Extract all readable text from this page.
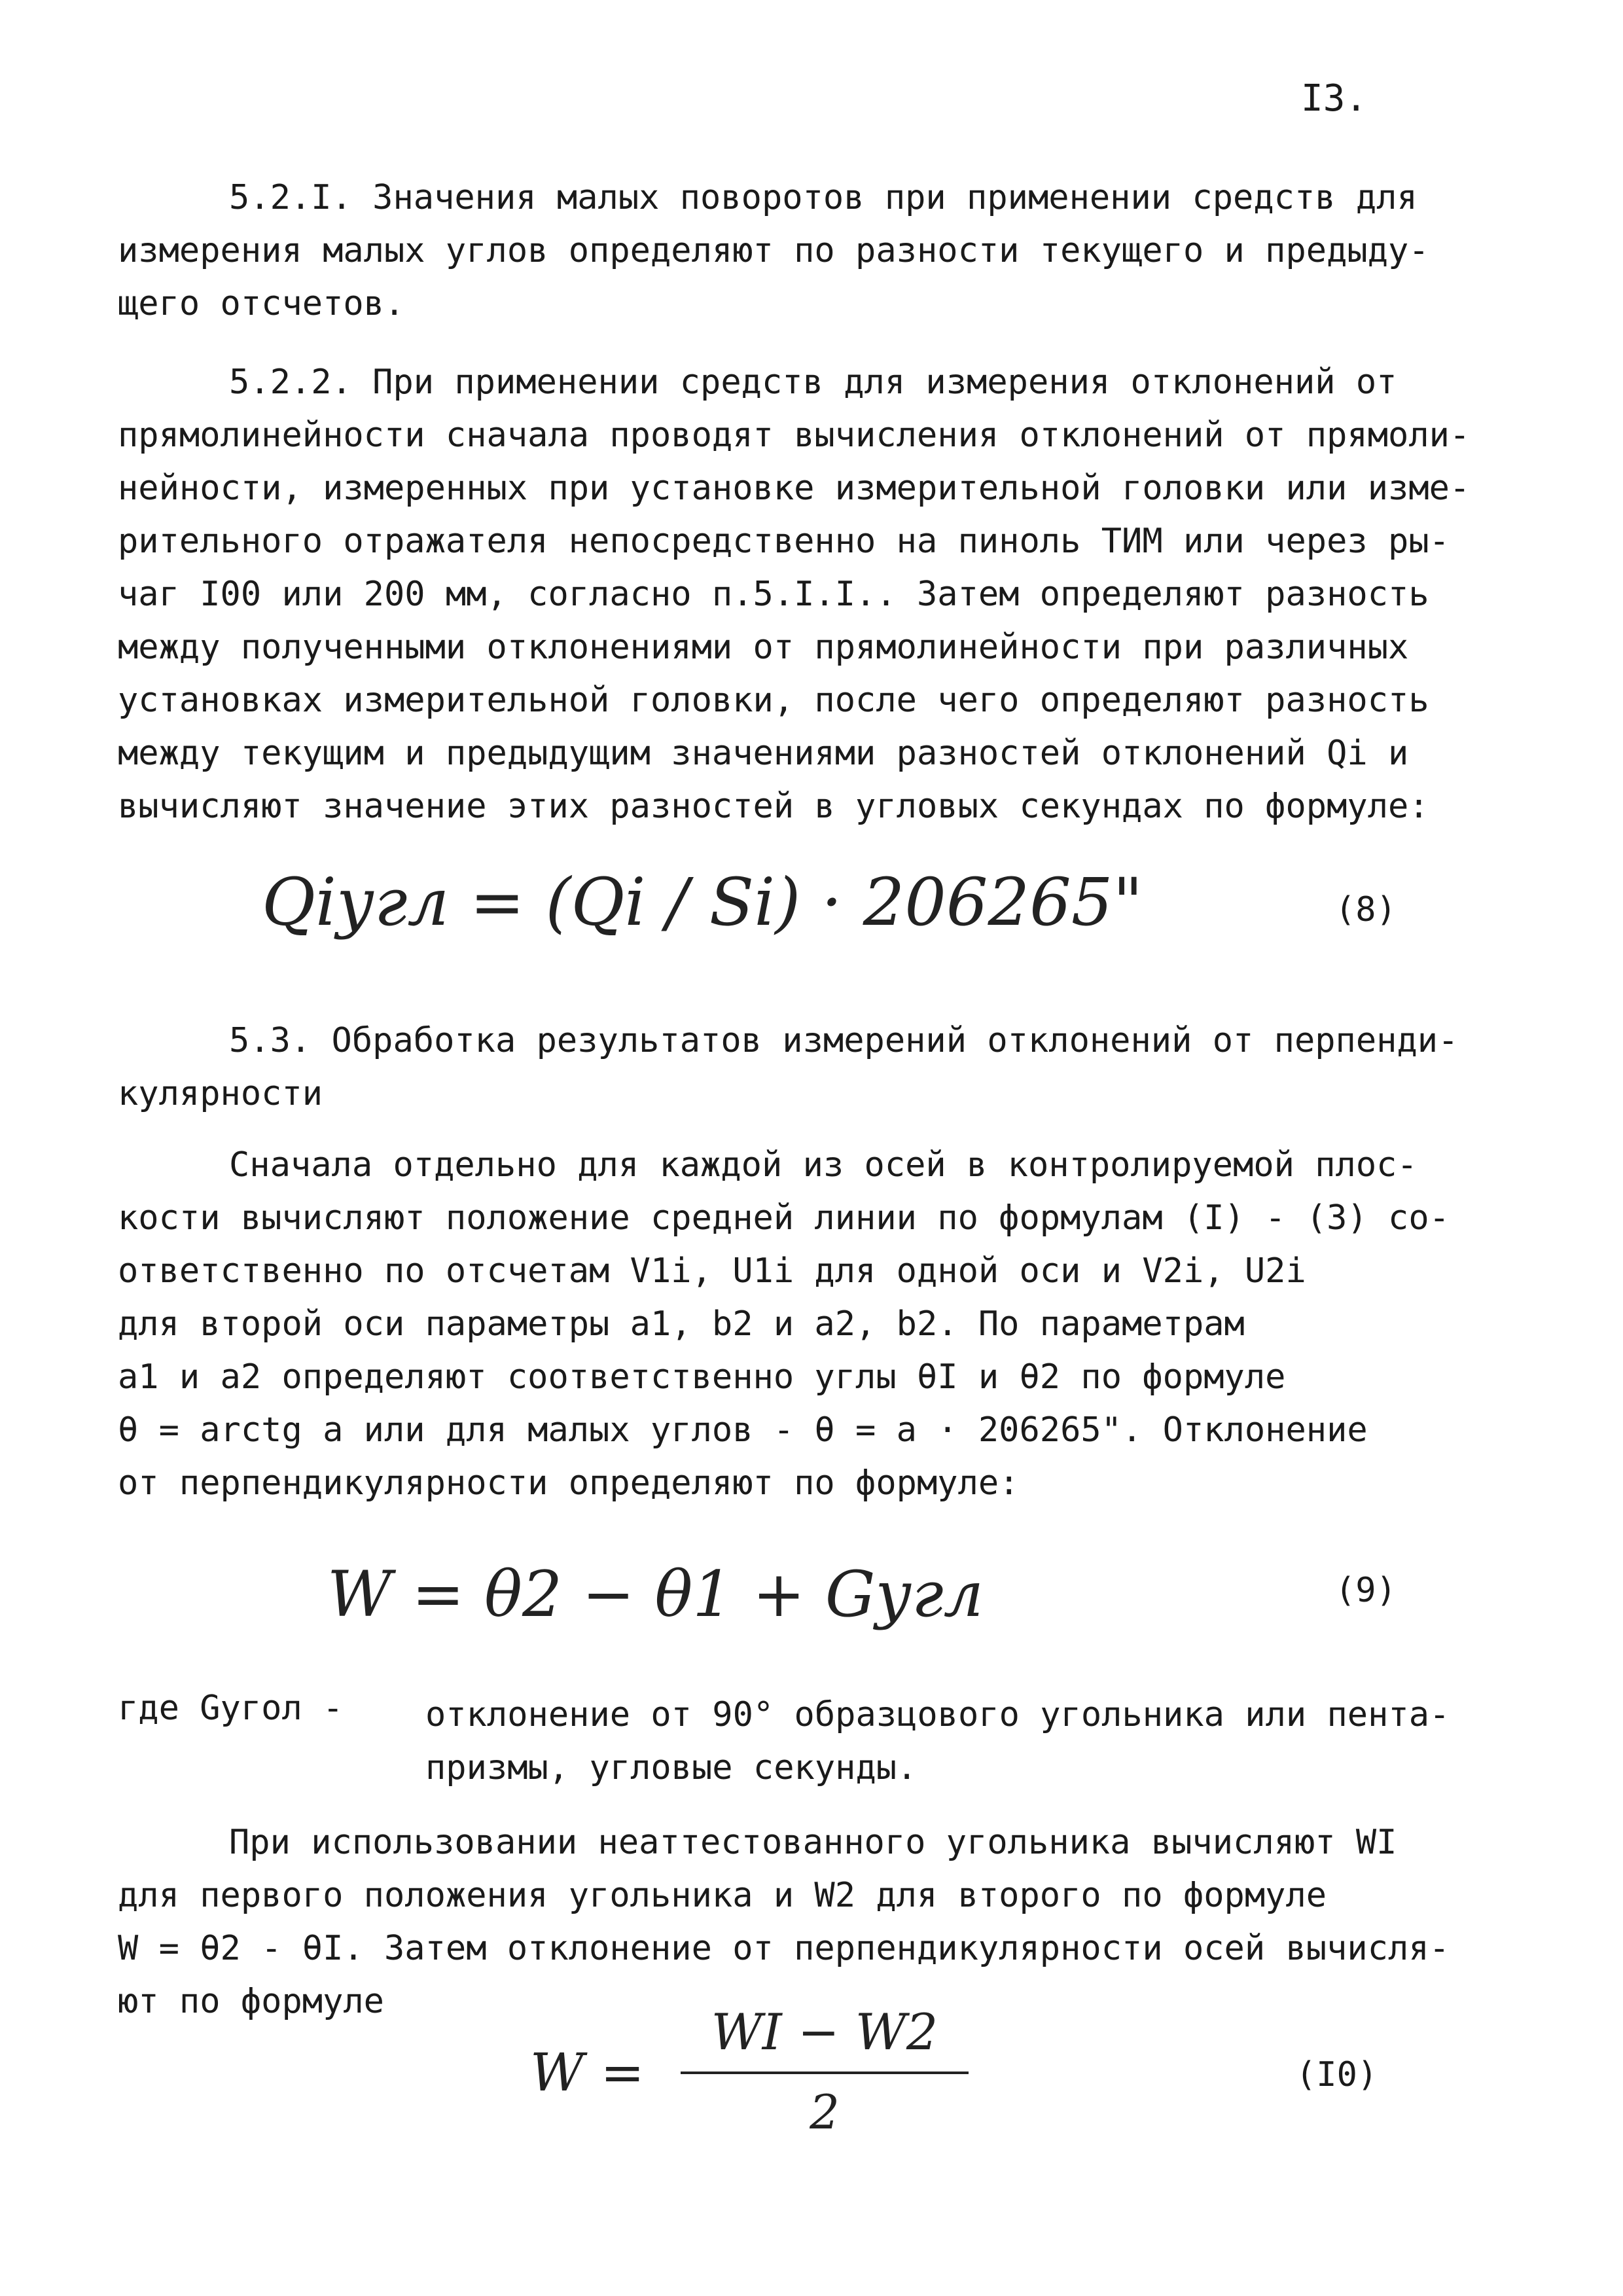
I3.

5.2.I. Значения малых поворотов при применении средств для
измерения малых углов определяют по разности текущего и предыду-
щего отсчетов.

5.2.2. При применении средств для измерения отклонений от
прямолинейности сначала проводят вычисления отклонений от прямоли-
нейности, измеренных при установке измерительной головки или изме-
рительного отражателя непосредственно на пиноль ТИМ или через ры-
чаг I00 или 200 мм, согласно п.5.I.I.. Затем определяют разность
между полученными отклонениями от прямолинейности при различных
установках измерительной головки, после чего определяют разность
между текущим и предыдущим значениями разностей отклонений Qi и
вычисляют значение этих разностей в угловых секундах по формуле:

Qiугл = (Qi / Si) · 206265"	(8)

5.3. Обработка результатов измерений отклонений от перпенди-
кулярности

Сначала отдельно для каждой из осей в контролируемой плос-
кости вычисляют положение средней линии по формулам (I) - (3) со-
ответственно по отсчетам V1i, U1i для одной оси и V2i, U2i
для второй оси параметры a1, b2 и a2, b2. По параметрам
a1 и a2 определяют соответственно углы θI и θ2 по формуле
θ = arctg a или для малых углов - θ = a · 206265". Отклонение
от перпендикулярности определяют по формуле:

W = θ2 − θ1 + Gугл	(9)
где Gугол - отклонение от 90° образцового угольника или пента-
призмы, угловые секунды.

При использовании неаттестованного угольника вычисляют WI
для первого положения угольника и W2 для второго по формуле
W = θ2 - θI. Затем отклонение от перпендикулярности осей вычисля-
ют по формуле

W =
WI − W2
2
(I0)
